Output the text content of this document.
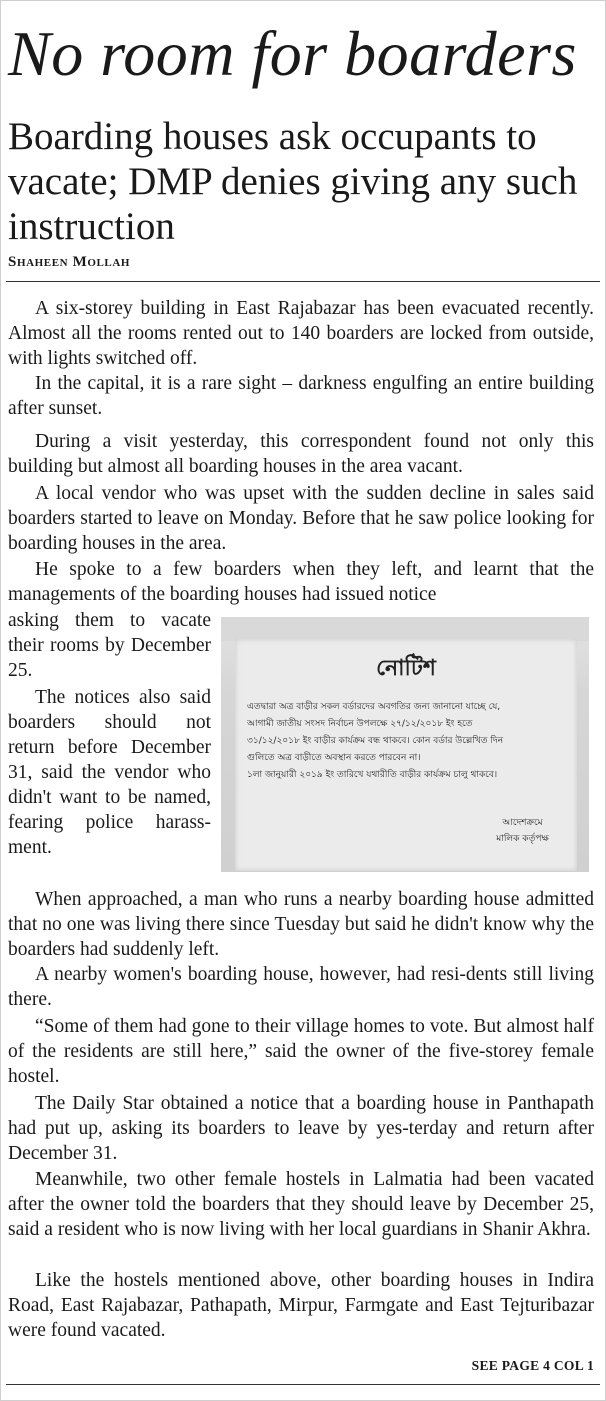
No room for boarders
Boarding houses ask occupants to vacate; DMP denies giving any such instruction
Shaheen Mollah
A six-storey building in East Rajabazar has been evacuated recently. Almost all the rooms rented out to 140 boarders are locked from outside, with lights switched off.
In the capital, it is a rare sight – darkness engulfing an entire building after sunset.
During a visit yesterday, this correspondent found not only this building but almost all boarding houses in the area vacant.
A local vendor who was upset with the sudden decline in sales said boarders started to leave on Monday. Before that he saw police looking for boarding houses in the area.
He spoke to a few boarders when they left, and learnt that the managements of the boarding houses had issued notice
asking them to vacate their rooms by December 25.
The notices also said boarders should not return before December 31, said the vendor who didn't want to be named, fearing police harass-ment.
নোটিশ
এতদ্বারা অত্র বাড়ীর সকল বর্ডারদের অবগতির জন্য জানানো যাচ্ছে যে,
আগামী জাতীয় সংসদ নির্বাচন উপলক্ষে ২৭/১২/২০১৮ ইং হতে
৩১/১২/২০১৮ ইং বাড়ীর কার্যক্রম বন্ধ থাকবে। কোন বর্ডার উল্লেখিত দিন
গুলিতে অত্র বাড়ীতে অবস্থান করতে পারবেন না।
১লা জানুয়ারী ২০১৯ ইং তারিখে যথারীতি বাড়ীর কার্যক্রম চালু থাকবে।
আদেশক্রমে
মালিক কর্তৃপক্ষ
When approached, a man who runs a nearby boarding house admitted that no one was living there since Tuesday but said he didn't know why the boarders had suddenly left.
A nearby women's boarding house, however, had resi-dents still living there.
“Some of them had gone to their village homes to vote. But almost half of the residents are still here,” said the owner of the five-storey female hostel.
The Daily Star obtained a notice that a boarding house in Panthapath had put up, asking its boarders to leave by yes-terday and return after December 31.
Meanwhile, two other female hostels in Lalmatia had been vacated after the owner told the boarders that they should leave by December 25, said a resident who is now living with her local guardians in Shanir Akhra.
Like the hostels mentioned above, other boarding houses in Indira Road, East Rajabazar, Pathapath, Mirpur, Farmgate and East Tejturibazar were found vacated.
SEE PAGE 4 COL 1
